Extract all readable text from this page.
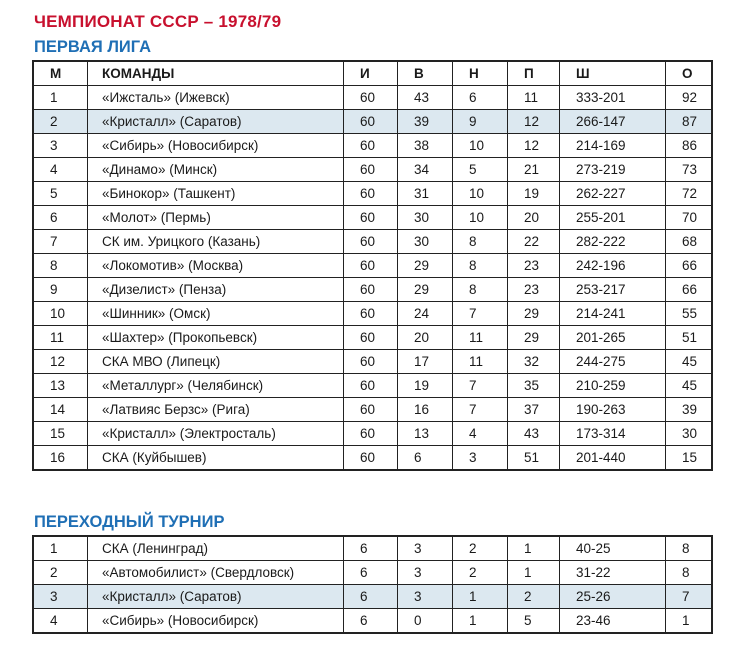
ЧЕМПИОНАТ СССР – 1978/79
ПЕРВАЯ ЛИГА
М	КОМАНДЫ	И	В	Н	П	Ш	О
1	«Ижсталь» (Ижевск)	60	43	6	11	333-201	92
2	«Кристалл» (Саратов)	60	39	9	12	266-147	87
3	«Сибирь» (Новосибирск)	60	38	10	12	214-169	86
4	«Динамо» (Минск)	60	34	5	21	273-219	73
5	«Бинокор» (Ташкент)	60	31	10	19	262-227	72
6	«Молот» (Пермь)	60	30	10	20	255-201	70
7	СК им. Урицкого (Казань)	60	30	8	22	282-222	68
8	«Локомотив» (Москва)	60	29	8	23	242-196	66
9	«Дизелист» (Пенза)	60	29	8	23	253-217	66
10	«Шинник» (Омск)	60	24	7	29	214-241	55
11	«Шахтер» (Прокопьевск)	60	20	11	29	201-265	51
12	СКА МВО (Липецк)	60	17	11	32	244-275	45
13	«Металлург» (Челябинск)	60	19	7	35	210-259	45
14	«Латвияс Берзс» (Рига)	60	16	7	37	190-263	39
15	«Кристалл» (Электросталь)	60	13	4	43	173-314	30
16	СКА (Куйбышев)	60	6	3	51	201-440	15
ПЕРЕХОДНЫЙ ТУРНИР
1	СКА (Ленинград)	6	3	2	1	40-25	8
2	«Автомобилист» (Свердловск)	6	3	2	1	31-22	8
3	«Кристалл» (Саратов)	6	3	1	2	25-26	7
4	«Сибирь» (Новосибирск)	6	0	1	5	23-46	1
